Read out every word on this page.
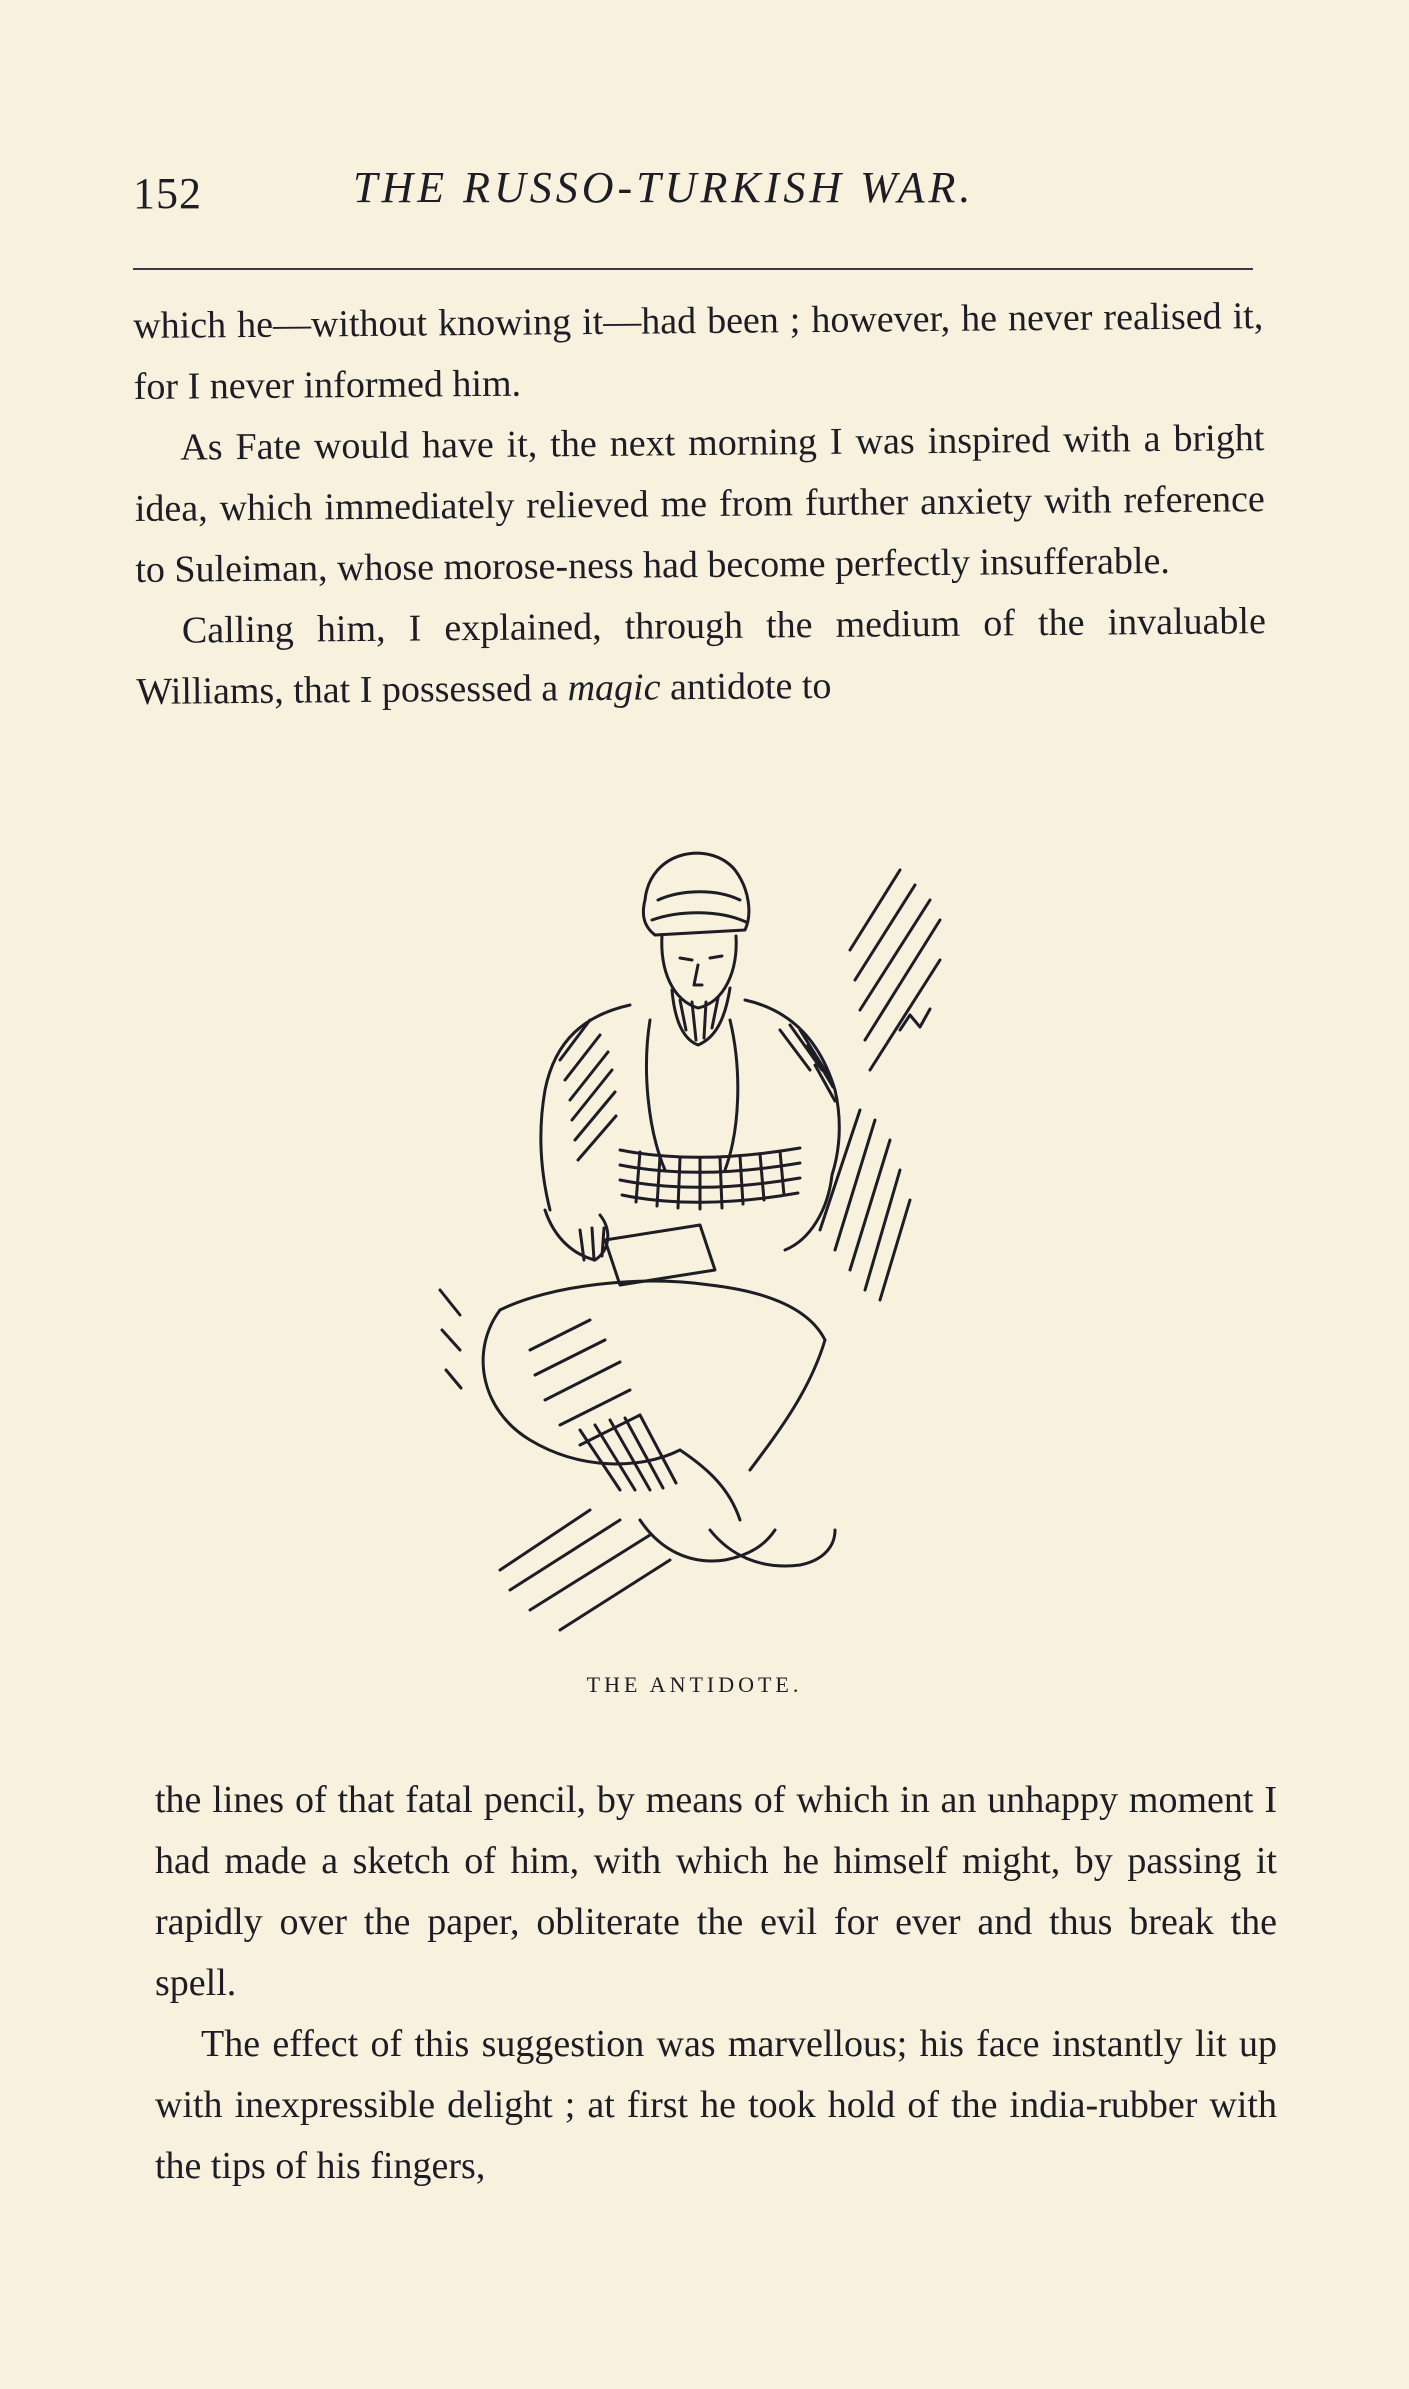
152	THE RUSSO-TURKISH WAR.

which he—without knowing it—had been ; however, he never realised it, for I never informed him.

As Fate would have it, the next morning I was inspired with a bright idea, which immediately relieved me from further anxiety with reference to Suleiman, whose morose-ness had become perfectly insufferable.

Calling him, I explained, through the medium of the invaluable Williams, that I possessed a magic antidote to

THE ANTIDOTE.

the lines of that fatal pencil, by means of which in an unhappy moment I had made a sketch of him, with which he himself might, by passing it rapidly over the paper, obliterate the evil for ever and thus break the spell.

The effect of this suggestion was marvellous; his face instantly lit up with inexpressible delight ; at first he took hold of the india-rubber with the tips of his fingers,
